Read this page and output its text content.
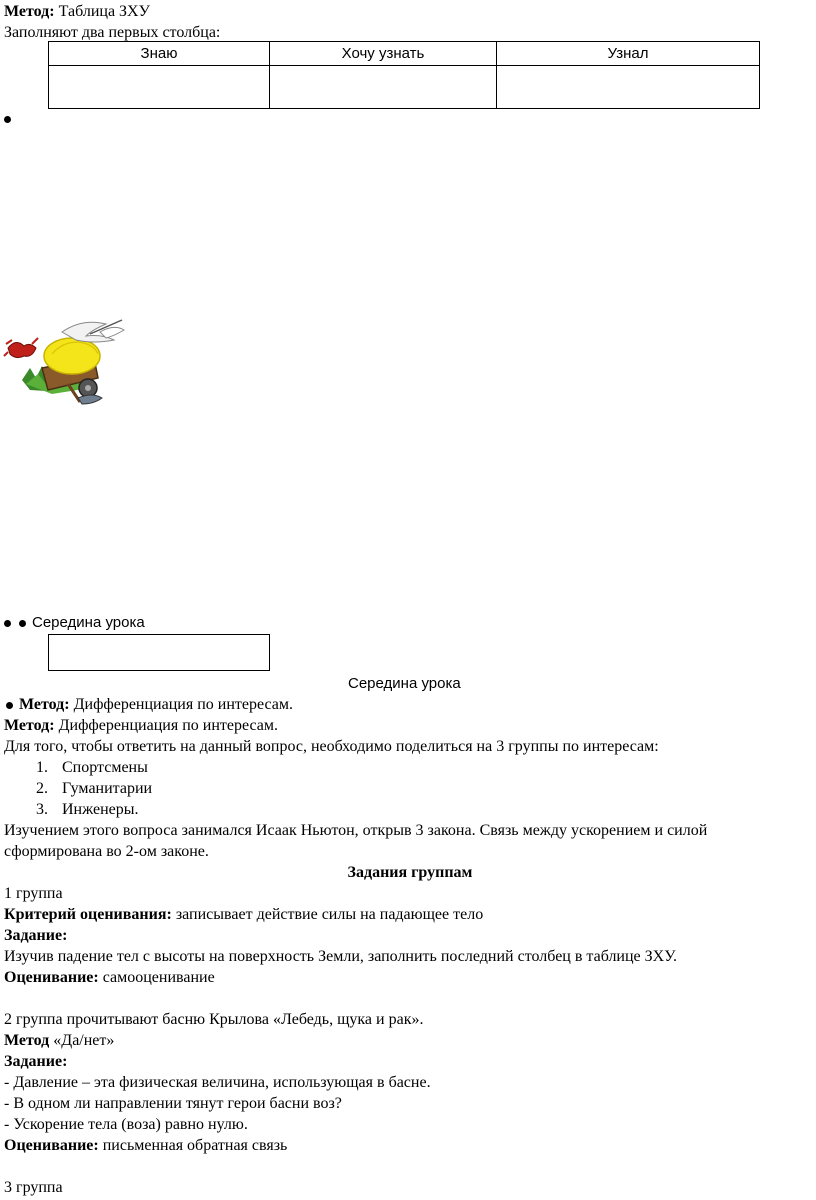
Метод: Таблица ЗХУ
Заполняют два первых столбца:
Знаю	Хочу узнать	Узнал

Середина урока
Середина урока
Метод: Дифференциация по интересам.
Метод: Дифференциация по интересам.
Для того, чтобы ответить на данный вопрос, необходимо поделиться на 3 группы по интересам:
1. Спортсмены
2. Гуманитарии
3. Инженеры.
Изучением этого вопроса занимался Исаак Ньютон, открыв 3 закона. Связь между ускорением и силой
сформирована во 2-ом законе.
Задания группам
1 группа
Критерий оценивания: записывает действие силы на падающее тело
Задание:
Изучив падение тел с высоты на поверхность Земли, заполнить последний столбец в таблице ЗХУ.
Оценивание: самооценивание
2 группа прочитывают басню Крылова «Лебедь, щука и рак».
Метод «Да/нет»
Задание:
- Давление – эта физическая величина, использующая в басне.
- В одном ли направлении тянут герои басни воз?
- Ускорение тела (воза) равно нулю.
Оценивание: письменная обратная связь
3 группа
